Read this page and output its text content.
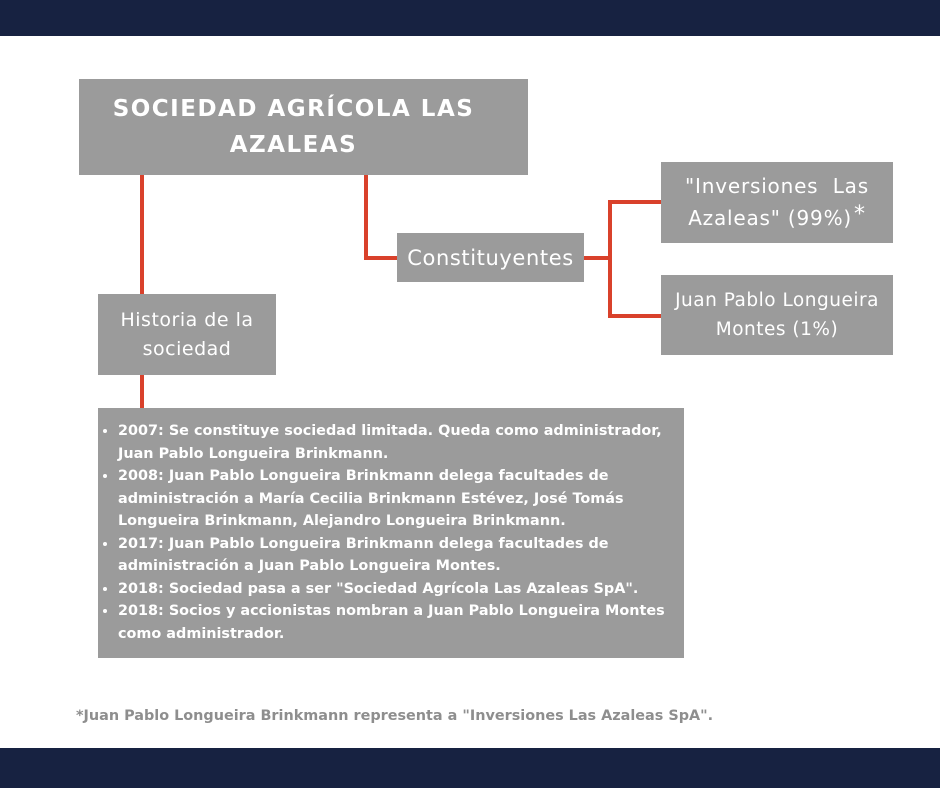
SOCIEDAD AGRÍCOLA LAS
AZALEAS
Constituyentes
"Inversiones  Las
Azaleas" (99%)*
Juan Pablo Longueira
Montes (1%)
Historia de la
sociedad
• 2007: Se constituye sociedad limitada. Queda como administrador, Juan Pablo Longueira Brinkmann.
• 2008: Juan Pablo Longueira Brinkmann delega facultades de administración a María Cecilia Brinkmann Estévez, José Tomás Longueira Brinkmann, Alejandro Longueira Brinkmann.
• 2017: Juan Pablo Longueira Brinkmann delega facultades de administración a Juan Pablo Longueira Montes.
• 2018: Sociedad pasa a ser "Sociedad Agrícola Las Azaleas SpA".
• 2018: Socios y accionistas nombran a Juan Pablo Longueira Montes como administrador.
*Juan Pablo Longueira Brinkmann representa a "Inversiones Las Azaleas SpA".
